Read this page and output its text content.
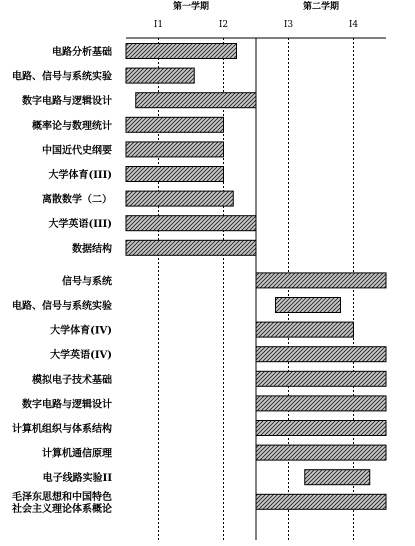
第一学期
I1	I2
第二学期
I3	I4
电路分析基础
电路、信号与系统实验
数字电路与逻辑设计
概率论与数理统计
中国近代史纲要
大学体育(III)
离散数学（二）
大学英语(III)
数据结构
信号与系统
电路、信号与系统实验
大学体育(IV)
大学英语(IV)
模拟电子技术基础
数字电路与逻辑设计
计算机组织与体系结构
计算机通信原理
电子线路实验II
毛泽东思想和中国特色社会主义理论体系概论
